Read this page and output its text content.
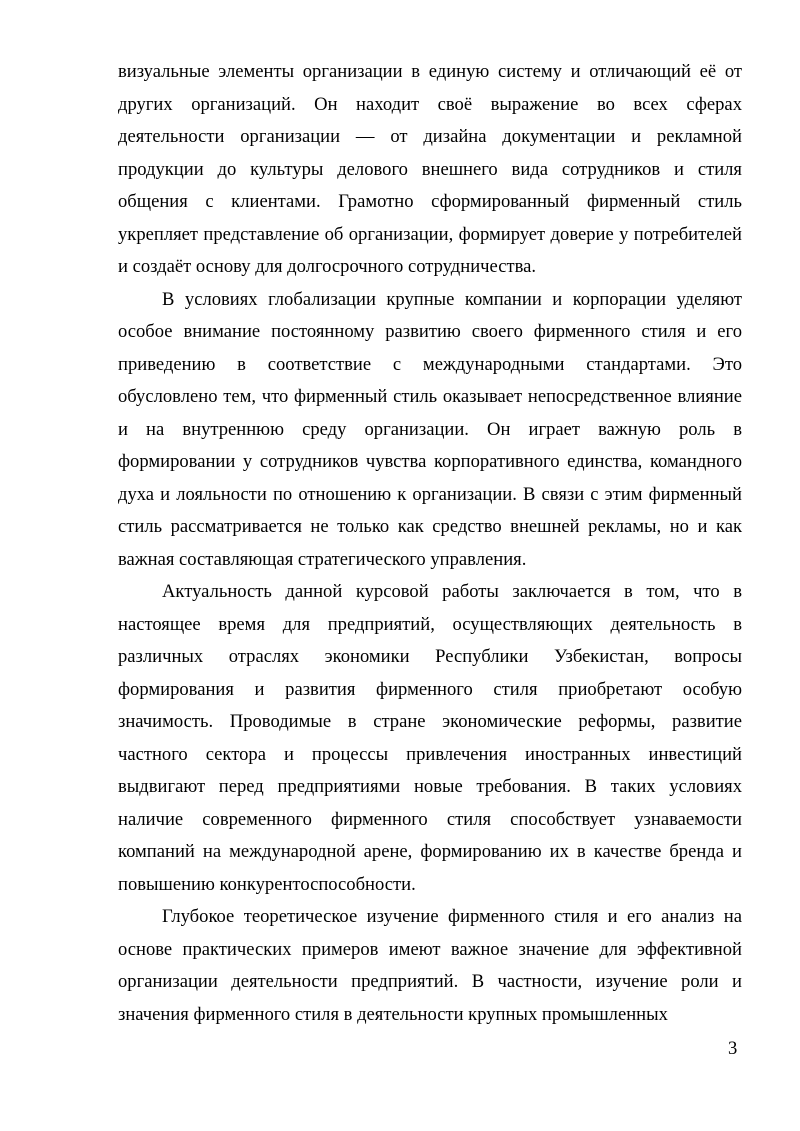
визуальные элементы организации в единую систему и отличающий её от других организаций. Он находит своё выражение во всех сферах деятельности организации — от дизайна документации и рекламной продукции до культуры делового внешнего вида сотрудников и стиля общения с клиентами. Грамотно сформированный фирменный стиль укрепляет представление об организации, формирует доверие у потребителей и создаёт основу для долгосрочного сотрудничества.

В условиях глобализации крупные компании и корпорации уделяют особое внимание постоянному развитию своего фирменного стиля и его приведению в соответствие с международными стандартами. Это обусловлено тем, что фирменный стиль оказывает непосредственное влияние и на внутреннюю среду организации. Он играет важную роль в формировании у сотрудников чувства корпоративного единства, командного духа и лояльности по отношению к организации. В связи с этим фирменный стиль рассматривается не только как средство внешней рекламы, но и как важная составляющая стратегического управления.

Актуальность данной курсовой работы заключается в том, что в настоящее время для предприятий, осуществляющих деятельность в различных отраслях экономики Республики Узбекистан, вопросы формирования и развития фирменного стиля приобретают особую значимость. Проводимые в стране экономические реформы, развитие частного сектора и процессы привлечения иностранных инвестиций выдвигают перед предприятиями новые требования. В таких условиях наличие современного фирменного стиля способствует узнаваемости компаний на международной арене, формированию их в качестве бренда и повышению конкурентоспособности.

Глубокое теоретическое изучение фирменного стиля и его анализ на основе практических примеров имеют важное значение для эффективной организации деятельности предприятий. В частности, изучение роли и значения фирменного стиля в деятельности крупных промышленных

3
